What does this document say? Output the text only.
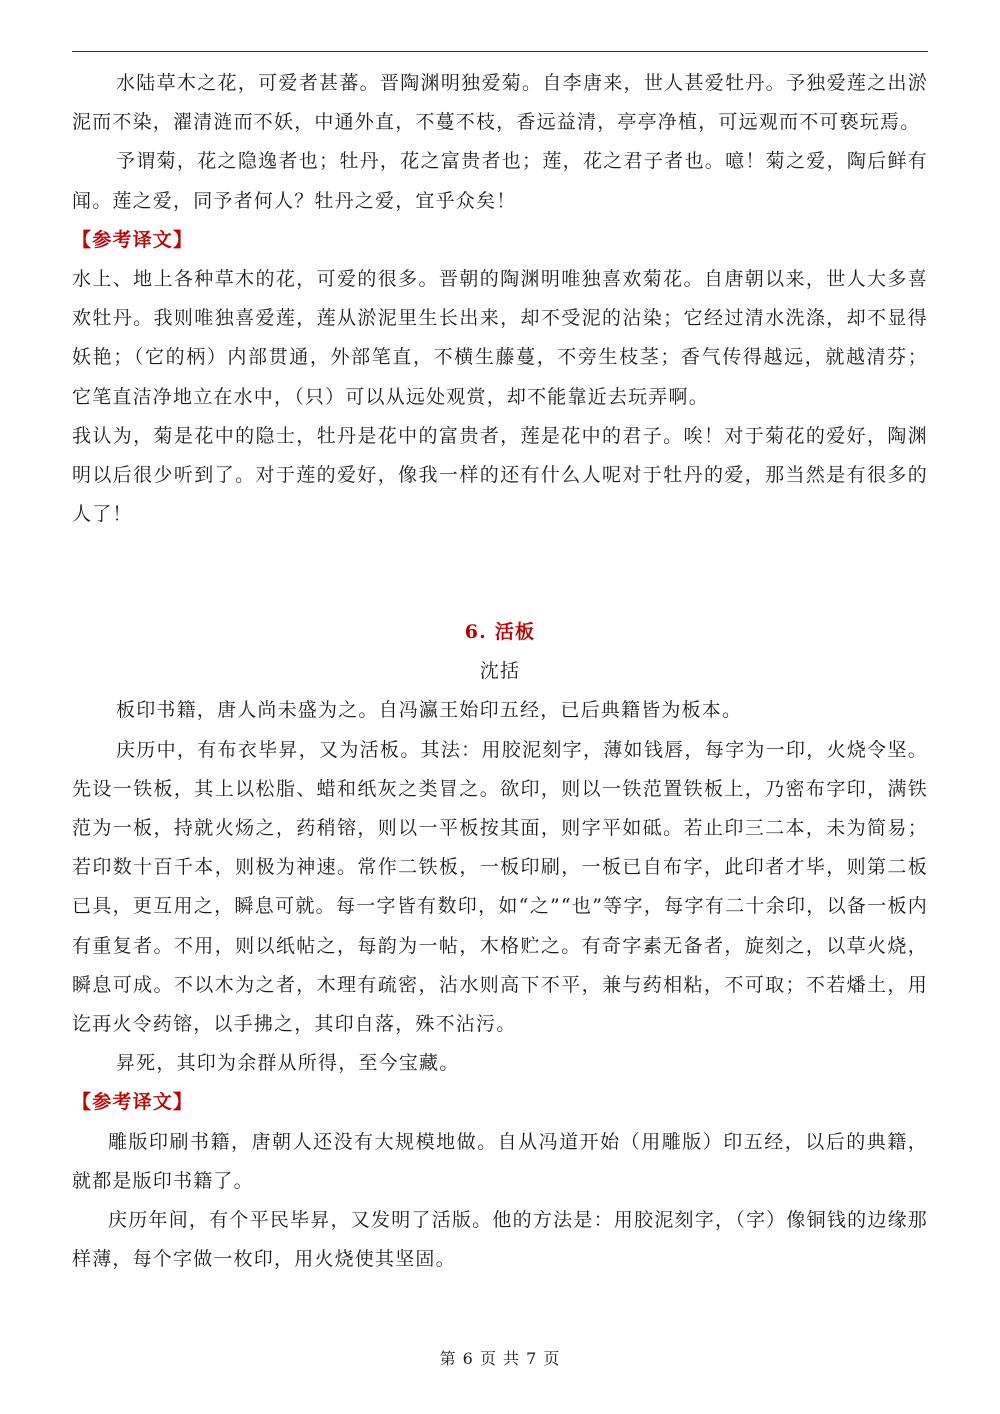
水陆草木之花，可爱者甚蕃。晋陶渊明独爱菊。自李唐来，世人甚爱牡丹。予独爱莲之出淤泥而不染，濯清涟而不妖，中通外直，不蔓不枝，香远益清，亭亭净植，可远观而不可亵玩焉。

予谓菊，花之隐逸者也；牡丹，花之富贵者也；莲，花之君子者也。噫！菊之爱，陶后鲜有闻。莲之爱，同予者何人？牡丹之爱，宜乎众矣！

【参考译文】

水上、地上各种草木的花，可爱的很多。晋朝的陶渊明唯独喜欢菊花。自唐朝以来，世人大多喜欢牡丹。我则唯独喜爱莲，莲从淤泥里生长出来，却不受泥的沾染；它经过清水洗涤，却不显得妖艳；（它的柄）内部贯通，外部笔直，不横生藤蔓，不旁生枝茎；香气传得越远，就越清芬；它笔直洁净地立在水中，（只）可以从远处观赏，却不能靠近去玩弄啊。

我认为，菊是花中的隐士，牡丹是花中的富贵者，莲是花中的君子。唉！对于菊花的爱好，陶渊明以后很少听到了。对于莲的爱好，像我一样的还有什么人呢对于牡丹的爱，那当然是有很多的人了！

6. 活板

沈括

板印书籍，唐人尚未盛为之。自冯瀛王始印五经，已后典籍皆为板本。

庆历中，有布衣毕昇，又为活板。其法：用胶泥刻字，薄如钱唇，每字为一印，火烧令坚。先设一铁板，其上以松脂、蜡和纸灰之类冒之。欲印，则以一铁范置铁板上，乃密布字印，满铁范为一板，持就火炀之，药稍镕，则以一平板按其面，则字平如砥。若止印三二本，未为简易；若印数十百千本，则极为神速。常作二铁板，一板印刷，一板已自布字，此印者才毕，则第二板已具，更互用之，瞬息可就。每一字皆有数印，如“之”“也”等字，每字有二十余印，以备一板内有重复者。不用，则以纸帖之，每韵为一帖，木格贮之。有奇字素无备者，旋刻之，以草火烧，瞬息可成。不以木为之者，木理有疏密，沾水则高下不平，兼与药相粘，不可取；不若燔土，用讫再火令药镕，以手拂之，其印自落，殊不沾污。

昇死，其印为余群从所得，至今宝藏。

【参考译文】

雕版印刷书籍，唐朝人还没有大规模地做。自从冯道开始（用雕版）印五经，以后的典籍，就都是版印书籍了。

庆历年间，有个平民毕昇，又发明了活版。他的方法是：用胶泥刻字，（字）像铜钱的边缘那样薄，每个字做一枚印，用火烧使其坚固。

第 6 页 共 7 页
